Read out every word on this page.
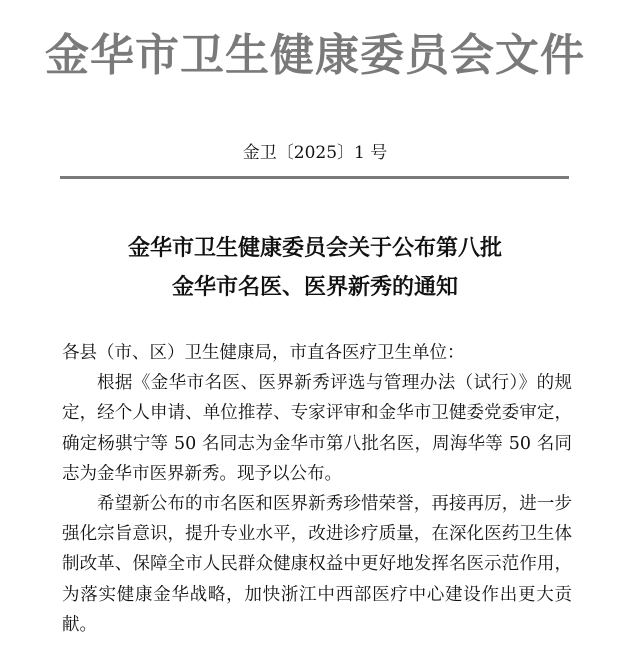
金华市卫生健康委员会文件
金卫〔2025〕1 号
金华市卫生健康委员会关于公布第八批
金华市名医、医界新秀的通知

各县（市、区）卫生健康局，市直各医疗卫生单位：

根据《金华市名医、医界新秀评选与管理办法（试行）》的规定，经个人申请、单位推荐、专家评审和金华市卫健委党委审定，确定杨骐宁等 50 名同志为金华市第八批名医，周海华等 50 名同志为金华市医界新秀。现予以公布。

希望新公布的市名医和医界新秀珍惜荣誉，再接再厉，进一步强化宗旨意识，提升专业水平，改进诊疗质量，在深化医药卫生体制改革、保障全市人民群众健康权益中更好地发挥名医示范作用，为落实健康金华战略，加快浙江中西部医疗中心建设作出更大贡献。
